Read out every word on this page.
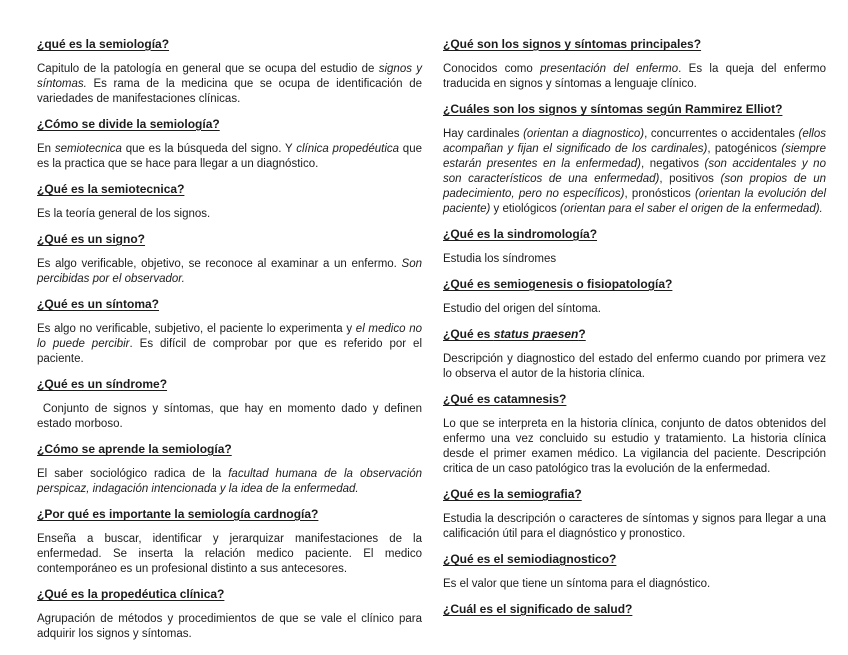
¿qué es la semiología?

Capitulo de la patología en general que se ocupa del estudio de signos y síntomas. Es rama de la medicina que se ocupa de identificación de variedades de manifestaciones clínicas.

¿Cómo se divide la semiología?

En semiotecnica que es la búsqueda del signo. Y clínica propedéutica que es la practica que se hace para llegar a un diagnóstico.

¿Qué es la semiotecnica?

Es la teoría general de los signos.

¿Qué es un signo?

Es algo verificable, objetivo, se reconoce al examinar a un enfermo. Son percibidas por el observador.

¿Qué es un síntoma?

Es algo no verificable, subjetivo, el paciente lo experimenta y el medico no lo puede percibir. Es difícil de comprobar por que es referido por el paciente.

¿Qué es un síndrome?

Conjunto de signos y síntomas, que hay en momento dado y definen estado morboso.

¿Cómo se aprende la semiología?

El saber sociológico radica de la facultad humana de la observación perspicaz, indagación intencionada y la idea de la enfermedad.

¿Por qué es importante la semiología cardnogía?

Enseña a buscar, identificar y jerarquizar manifestaciones de la enfermedad. Se inserta la relación medico paciente. El medico contemporáneo es un profesional distinto a sus antecesores.

¿Qué es la propedéutica clínica?

Agrupación de métodos y procedimientos de que se vale el clínico para adquirir los signos y síntomas.

¿Qué son los signos y síntomas principales?

Conocidos como presentación del enfermo. Es la queja del enfermo traducida en signos y síntomas a lenguaje clínico.

¿Cuáles son los signos y síntomas según Rammirez Elliot?

Hay cardinales (orientan a diagnostico), concurrentes o accidentales (ellos acompañan y fijan el significado de los cardinales), patogénicos (siempre estarán presentes en la enfermedad), negativos (son accidentales y no son característicos de una enfermedad), positivos (son propios de un padecimiento, pero no específicos), pronósticos (orientan la evolución del paciente) y etiológicos (orientan para el saber el origen de la enfermedad).

¿Qué es la sindromología?

Estudia los síndromes

¿Qué es semiogenesis o fisiopatología?

Estudio del origen del síntoma.

¿Qué es status praesen?

Descripción y diagnostico del estado del enfermo cuando por primera vez lo observa el autor de la historia clínica.

¿Qué es catamnesis?

Lo que se interpreta en la historia clínica, conjunto de datos obtenidos del enfermo una vez concluido su estudio y tratamiento. La historia clínica desde el primer examen médico. La vigilancia del paciente. Descripción critica de un caso patológico tras la evolución de la enfermedad.

¿Qué es la semiografia?

Estudia la descripción o caracteres de síntomas y signos para llegar a una calificación útil para el diagnóstico y pronostico.

¿Qué es el semiodiagnostico?

Es el valor que tiene un síntoma para el diagnóstico.

¿Cuál es el significado de salud?
